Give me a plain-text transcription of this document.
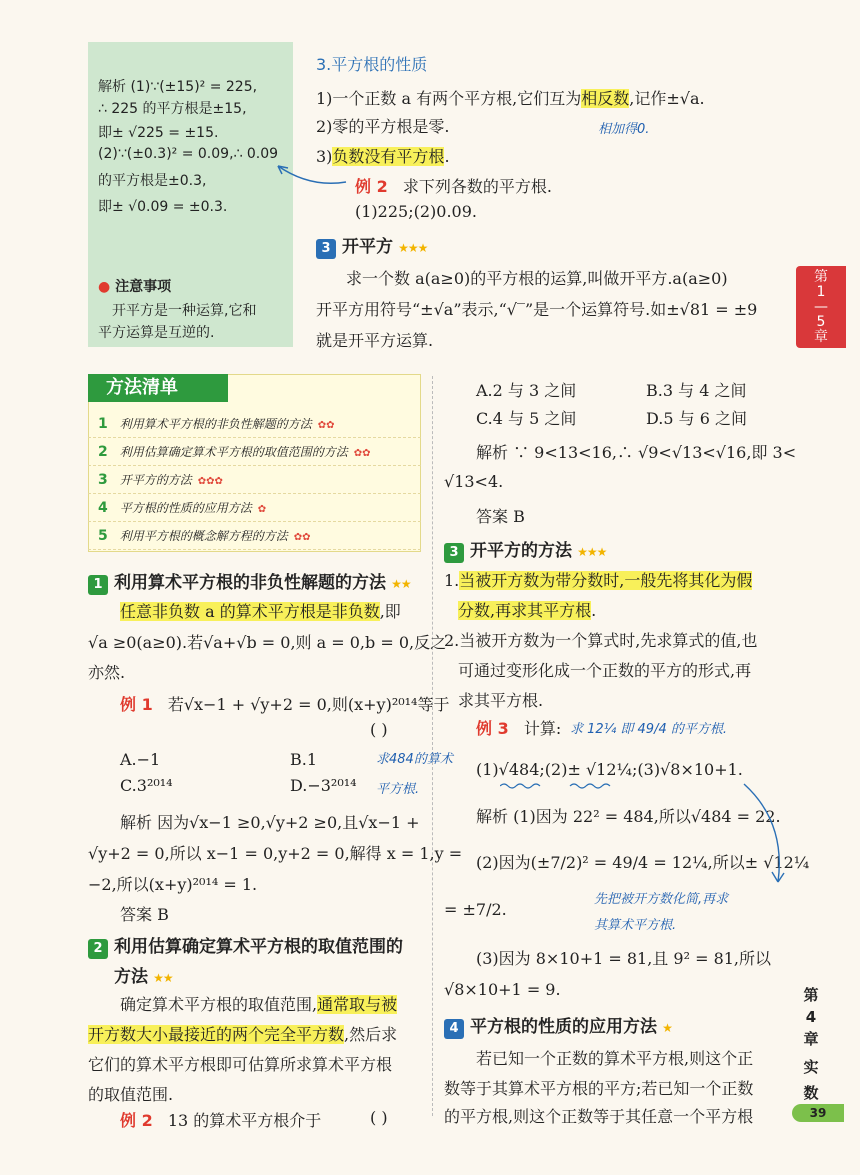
解析 (1)∵(±15)² = 225,
∴ 225 的平方根是±15,
即± √225 = ±15.
(2)∵(±0.3)² = 0.09,∴ 0.09
的平方根是±0.3,
即± √0.09 = ±0.3.
● 注意事项
开平方是一种运算,它和
平方运算是互逆的.
3.平方根的性质
1)一个正数 a 有两个平方根,它们互为相反数,记作±√a.
2)零的平方根是零.	相加得0.
3)负数没有平方根.
例 2 求下列各数的平方根.
(1)225;(2)0.09.
3 开平方 ★★★
求一个数 a(a≥0)的平方根的运算,叫做开平方.a(a≥0)
开平方用符号“±√a”表示,“√‾”是一个运算符号.如±√81 = ±9
就是开平方运算.
第
1
—
5
章
方法清单
1 利用算术平方根的非负性解题的方法 ✿✿
2 利用估算确定算术平方根的取值范围的方法 ✿✿
3 开平方的方法 ✿✿✿
4 平方根的性质的应用方法 ✿
5 利用平方根的概念解方程的方法 ✿✿
1 利用算术平方根的非负性解题的方法 ★★
任意非负数 a 的算术平方根是非负数,即
√a ≥0(a≥0).若√a+√b = 0,则 a = 0,b = 0,反之
亦然.
例 1 若√x−1 + √y+2 = 0,则(x+y)²⁰¹⁴等于
( )
A.−1	B.1	求484的算术
C.3²⁰¹⁴	D.−3²⁰¹⁴ 平方根.
解析 因为√x−1 ≥0,√y+2 ≥0,且√x−1 +
√y+2 = 0,所以 x−1 = 0,y+2 = 0,解得 x = 1,y =
−2,所以(x+y)²⁰¹⁴ = 1.
答案 B
2 利用估算确定算术平方根的取值范围的
方法 ★★
确定算术平方根的取值范围,通常取与被
开方数大小最接近的两个完全平方数,然后求
它们的算术平方根即可估算所求算术平方根
的取值范围.
例 2 13 的算术平方根介于	( )
A.2 与 3 之间	B.3 与 4 之间
C.4 与 5 之间	D.5 与 6 之间
解析 ∵ 9<13<16,∴ √9<√13<√16,即 3<
√13<4.
答案 B
3 开平方的方法 ★★★
1.当被开方数为带分数时,一般先将其化为假
分数,再求其平方根.
2.当被开方数为一个算式时,先求算式的值,也
可通过变形化成一个正数的平方的形式,再
求其平方根.
例 3 计算: 求 12¼ 即 49/4 的平方根.
(1)√484;(2)± √12¼;(3)√8×10+1.
解析 (1)因为 22² = 484,所以√484 = 22.
(2)因为(±7/2)² = 49/4 = 12¼,所以± √12¼
= ±7/2.
先把被开方数化简,再求
其算术平方根.
(3)因为 8×10+1 = 81,且 9² = 81,所以
√8×10+1 = 9.
4 平方根的性质的应用方法 ★
若已知一个正数的算术平方根,则这个正
数等于其算术平方根的平方;若已知一个正数
的平方根,则这个正数等于其任意一个平方根
第
4
章
实
数
39
